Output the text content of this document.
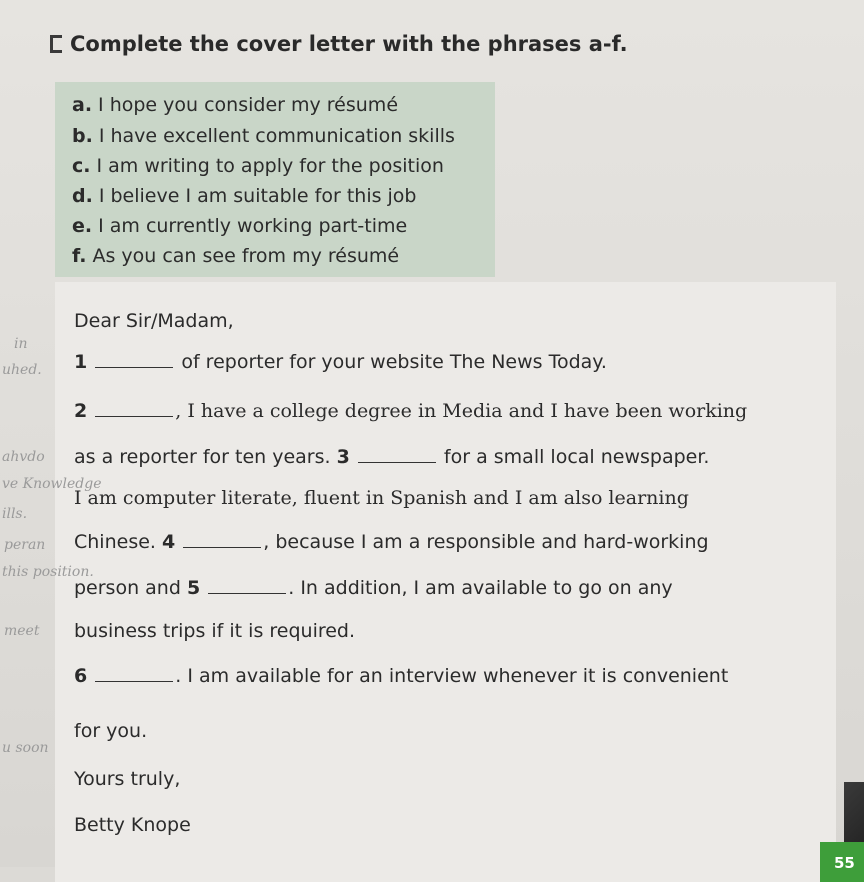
Complete the cover letter with the phrases a-f.
a. I hope you consider my résumé
b. I have excellent communication skills
c. I am writing to apply for the position
d. I believe I am suitable for this job
e. I am currently working part-time
f. As you can see from my résumé
Dear Sir/Madam,
1	of reporter for your website The News Today.
2	, I have a college degree in Media and I have been working
as a reporter for ten years. 3	for a small local newspaper.
I am computer literate, fluent in Spanish and I am also learning
Chinese. 4	, because I am a responsible and hard-working
person and 5	. In addition, I am available to go on any
business trips if it is required.
6	. I am available for an interview whenever it is convenient
for you.
Yours truly,
Betty Knope
in
uhed.
ahvdo
ve Knowledge
ills.
peran
this position.
meet
u soon
55
